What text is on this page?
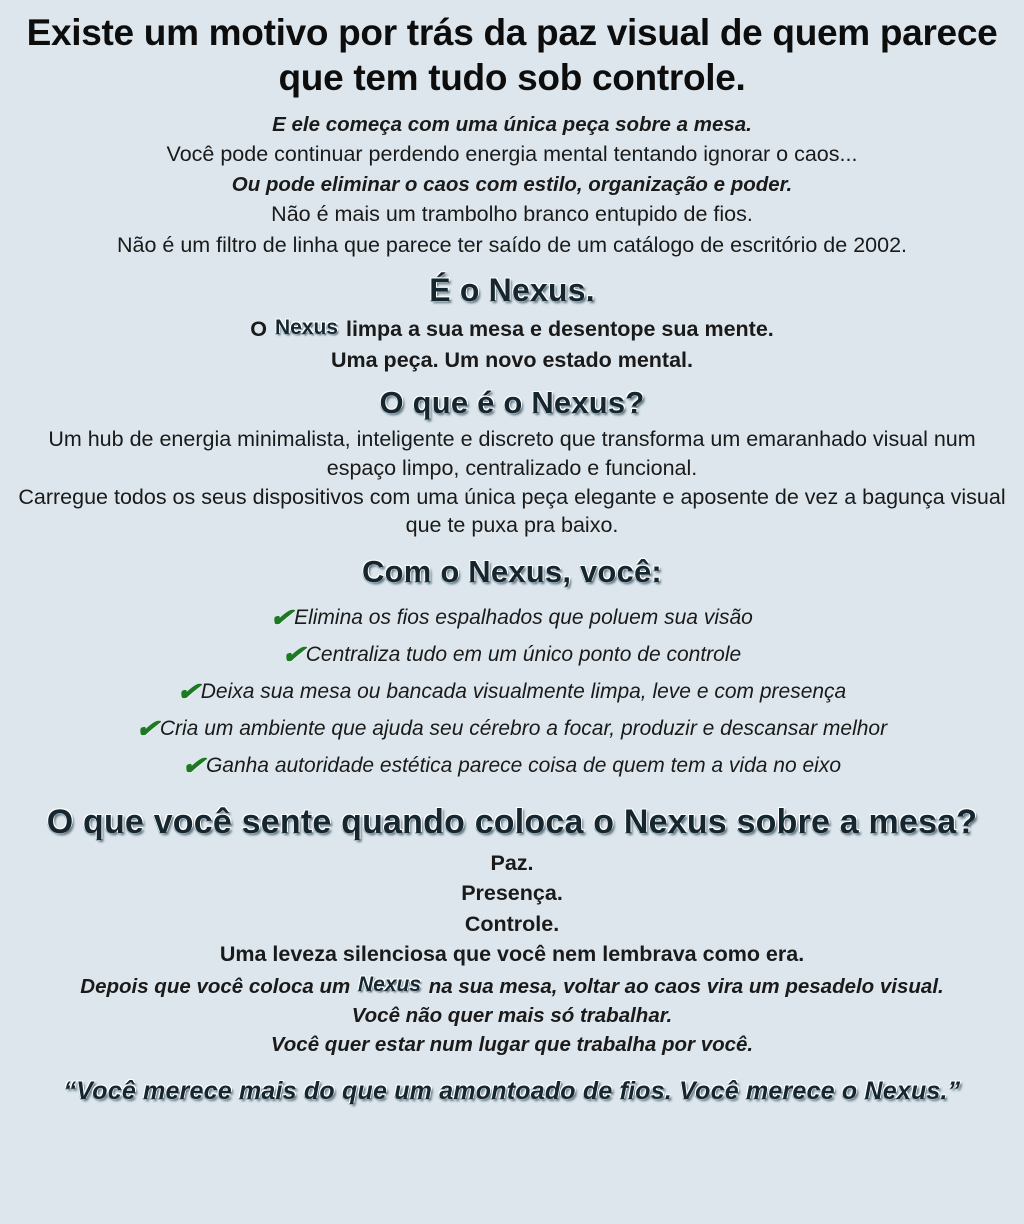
Existe um motivo por trás da paz visual de quem parece que tem tudo sob controle.

E ele começa com uma única peça sobre a mesa.

Você pode continuar perdendo energia mental tentando ignorar o caos...

Ou pode eliminar o caos com estilo, organização e poder.

Não é mais um trambolho branco entupido de fios.

Não é um filtro de linha que parece ter saído de um catálogo de escritório de 2002.

É o Nexus.

O Nexus limpa a sua mesa e desentope sua mente.

Uma peça. Um novo estado mental.

O que é o Nexus?

Um hub de energia minimalista, inteligente e discreto que transforma um emaranhado visual num espaço limpo, centralizado e funcional.

Carregue todos os seus dispositivos com uma única peça elegante e aposente de vez a bagunça visual que te puxa pra baixo.

Com o Nexus, você:
✔Elimina os fios espalhados que poluem sua visão
✔Centraliza tudo em um único ponto de controle
✔Deixa sua mesa ou bancada visualmente limpa, leve e com presença
✔Cria um ambiente que ajuda seu cérebro a focar, produzir e descansar melhor
✔Ganha autoridade estética parece coisa de quem tem a vida no eixo
O que você sente quando coloca o Nexus sobre a mesa?

Paz.

Presença.

Controle.

Uma leveza silenciosa que você nem lembrava como era.

Depois que você coloca um Nexus na sua mesa, voltar ao caos vira um pesadelo visual.

Você não quer mais só trabalhar.

Você quer estar num lugar que trabalha por você.

“Você merece mais do que um amontoado de fios. Você merece o Nexus.”
